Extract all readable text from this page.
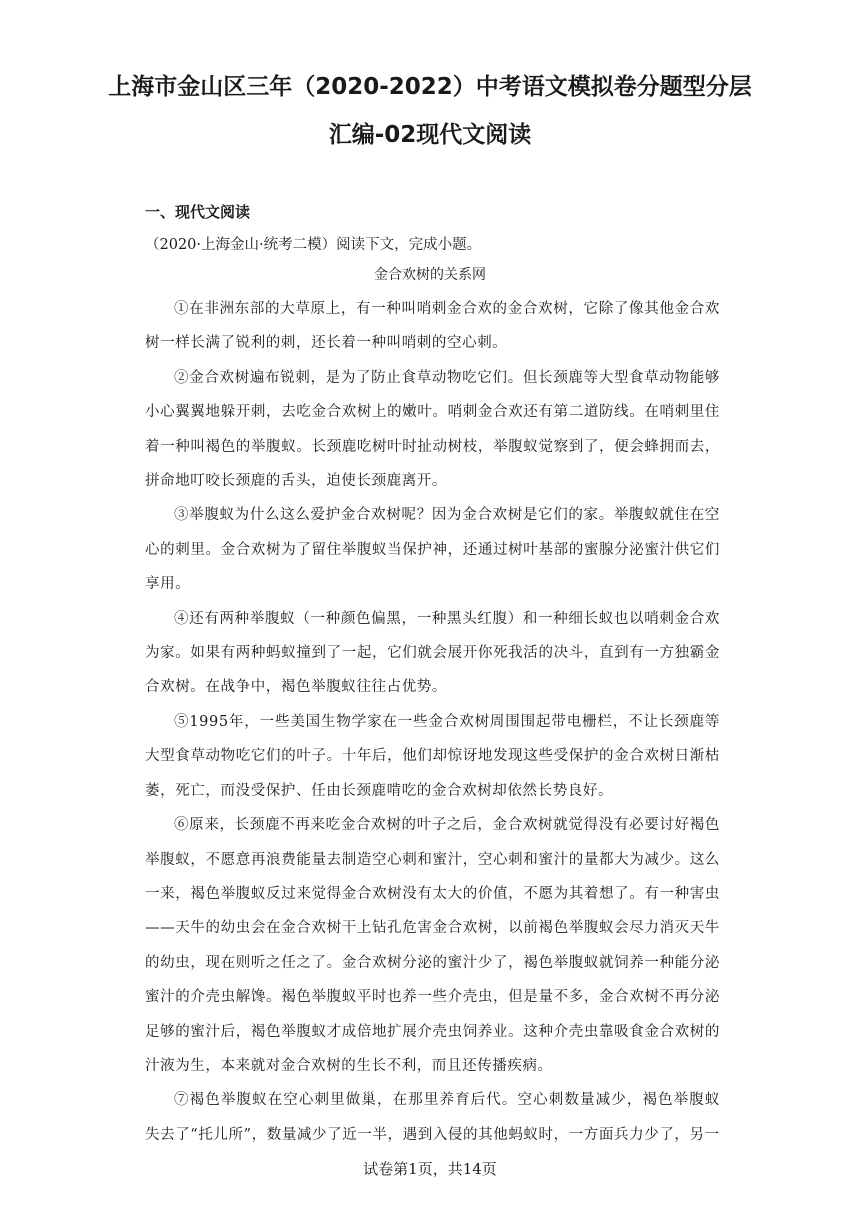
上海市金山区三年（2020-2022）中考语文模拟卷分题型分层
汇编-02现代文阅读
一、现代文阅读

（2020·上海金山·统考二模）阅读下文，完成小题。

金合欢树的关系网

①在非洲东部的大草原上，有一种叫哨刺金合欢的金合欢树，它除了像其他金合欢树一样长满了锐利的刺，还长着一种叫哨刺的空心刺。

②金合欢树遍布锐刺，是为了防止食草动物吃它们。但长颈鹿等大型食草动物能够小心翼翼地躲开刺，去吃金合欢树上的嫩叶。哨刺金合欢还有第二道防线。在哨刺里住着一种叫褐色的举腹蚁。长颈鹿吃树叶时扯动树枝，举腹蚁觉察到了，便会蜂拥而去，拼命地叮咬长颈鹿的舌头，迫使长颈鹿离开。

③举腹蚁为什么这么爱护金合欢树呢？因为金合欢树是它们的家。举腹蚁就住在空心的刺里。金合欢树为了留住举腹蚁当保护神，还通过树叶基部的蜜腺分泌蜜汁供它们享用。

④还有两种举腹蚁（一种颜色偏黑，一种黑头红腹）和一种细长蚁也以哨刺金合欢为家。如果有两种蚂蚁撞到了一起，它们就会展开你死我活的决斗，直到有一方独霸金合欢树。在战争中，褐色举腹蚁往往占优势。

⑤1995年，一些美国生物学家在一些金合欢树周围围起带电栅栏，不让长颈鹿等大型食草动物吃它们的叶子。十年后，他们却惊讶地发现这些受保护的金合欢树日渐枯萎，死亡，而没受保护、任由长颈鹿啃吃的金合欢树却依然长势良好。

⑥原来，长颈鹿不再来吃金合欢树的叶子之后，金合欢树就觉得没有必要讨好褐色举腹蚁，不愿意再浪费能量去制造空心刺和蜜汁，空心刺和蜜汁的量都大为减少。这么一来，褐色举腹蚁反过来觉得金合欢树没有太大的价值，不愿为其着想了。有一种害虫——天牛的幼虫会在金合欢树干上钻孔危害金合欢树，以前褐色举腹蚁会尽力消灭天牛的幼虫，现在则听之任之了。金合欢树分泌的蜜汁少了，褐色举腹蚁就饲养一种能分泌蜜汁的介壳虫解馋。褐色举腹蚁平时也养一些介壳虫，但是量不多，金合欢树不再分泌足够的蜜汁后，褐色举腹蚁才成倍地扩展介壳虫饲养业。这种介壳虫靠吸食金合欢树的汁液为生，本来就对金合欢树的生长不利，而且还传播疾病。

⑦褐色举腹蚁在空心刺里做巢，在那里养育后代。空心刺数量减少，褐色举腹蚁 失去了“托儿所”，数量减少了近一半，遇到入侵的其他蚂蚁时，一方面兵力少了，另一

试卷第1页，共14页
